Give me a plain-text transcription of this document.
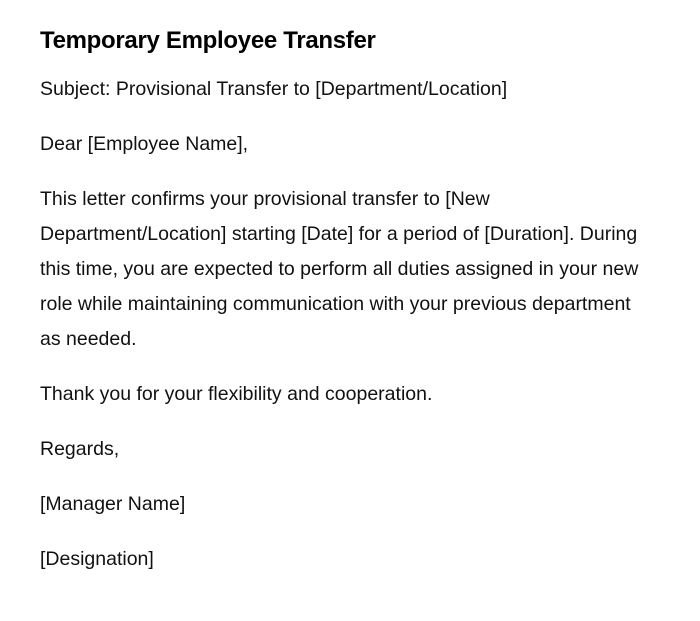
Temporary Employee Transfer

Subject: Provisional Transfer to [Department/Location]

Dear [Employee Name],

This letter confirms your provisional transfer to [New Department/Location] starting [Date] for a period of [Duration]. During this time, you are expected to perform all duties assigned in your new role while maintaining communication with your previous department as needed.

Thank you for your flexibility and cooperation.

Regards,

[Manager Name]

[Designation]
